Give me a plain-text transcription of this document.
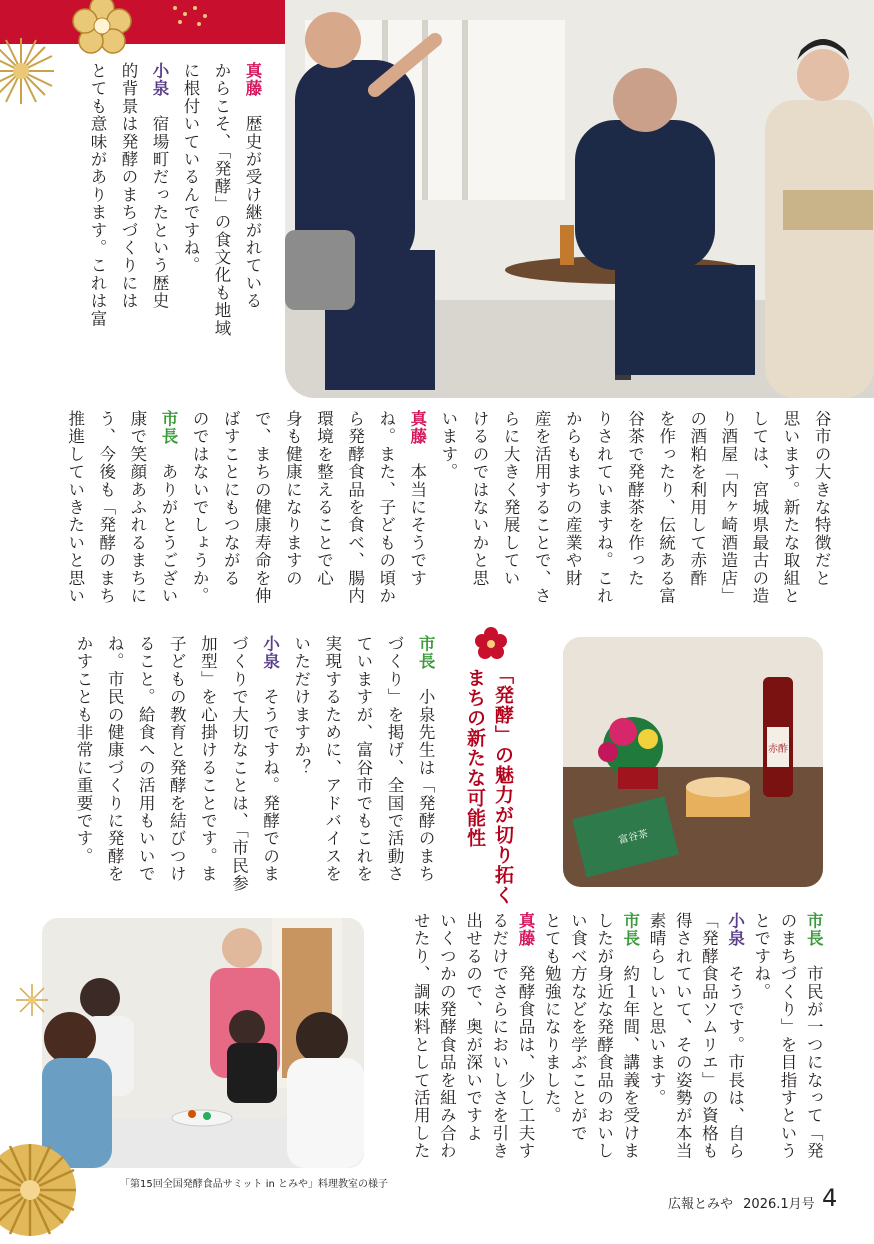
真藤　歴史が受け継がれている
からこそ、「発酵」の食文化も地域
に根付いているんですね。
小泉　宿場町だったという歴史
的背景は発酵のまちづくりには
とても意味があります。これは富
谷市の大きな特徴だと
思います。新たな取組と
しては、宮城県最古の造
り酒屋「内ヶ崎酒造店」
の酒粕を利用して赤酢
を作ったり、伝統ある富
谷茶で発酵茶を作った
りされていますね。これ
からもまちの産業や財
産を活用することで、さ
らに大きく発展してい
けるのではないかと思
います。
真藤　本当にそうです
ね。また、子どもの頃か
ら発酵食品を食べ、腸内
環境を整えることで心
身も健康になりますの
で、まちの健康寿命を伸
ばすことにもつながる
のではないでしょうか。
市長　ありがとうござい
康で笑顔あふれるまちに
う、今後も「発酵のまち
推進していきたいと思い
「発酵」の魅力が切り拓く
まちの新たな可能性	赤酢
富谷茶
市長　小泉先生は「発酵のまち
づくり」を掲げ、全国で活動さ
ていますが、富谷市でもこれを
実現するために、アドバイスを
いただけますか？
小泉　そうですね。発酵でのま
づくりで大切なことは、「市民参
加型」を心掛けることです。ま
子どもの教育と発酵を結びつけ
ること。給食への活用もいいで
ね。市民の健康づくりに発酵を
かすことも非常に重要です。
「第15回全国発酵食品サミット in とみや」料理教室の様子
市長　市民が一つになって「発
のまちづくり」を目指すという
とですね。
小泉　そうです。市長は、自ら
「発酵食品ソムリエ」の資格も
得されていて、その姿勢が本当
素晴らしいと思います。
市長　約１年間、講義を受けま
したが身近な発酵食品のおいし
い食べ方などを学ぶことがで
とても勉強になりました。
真藤　発酵食品は、少し工夫す
るだけでさらにおいしさを引き
出せるので、奥が深いですよ
いくつかの発酵食品を組み合わ
せたり、調味料として活用した
広報とみや 2026.1月号 4
